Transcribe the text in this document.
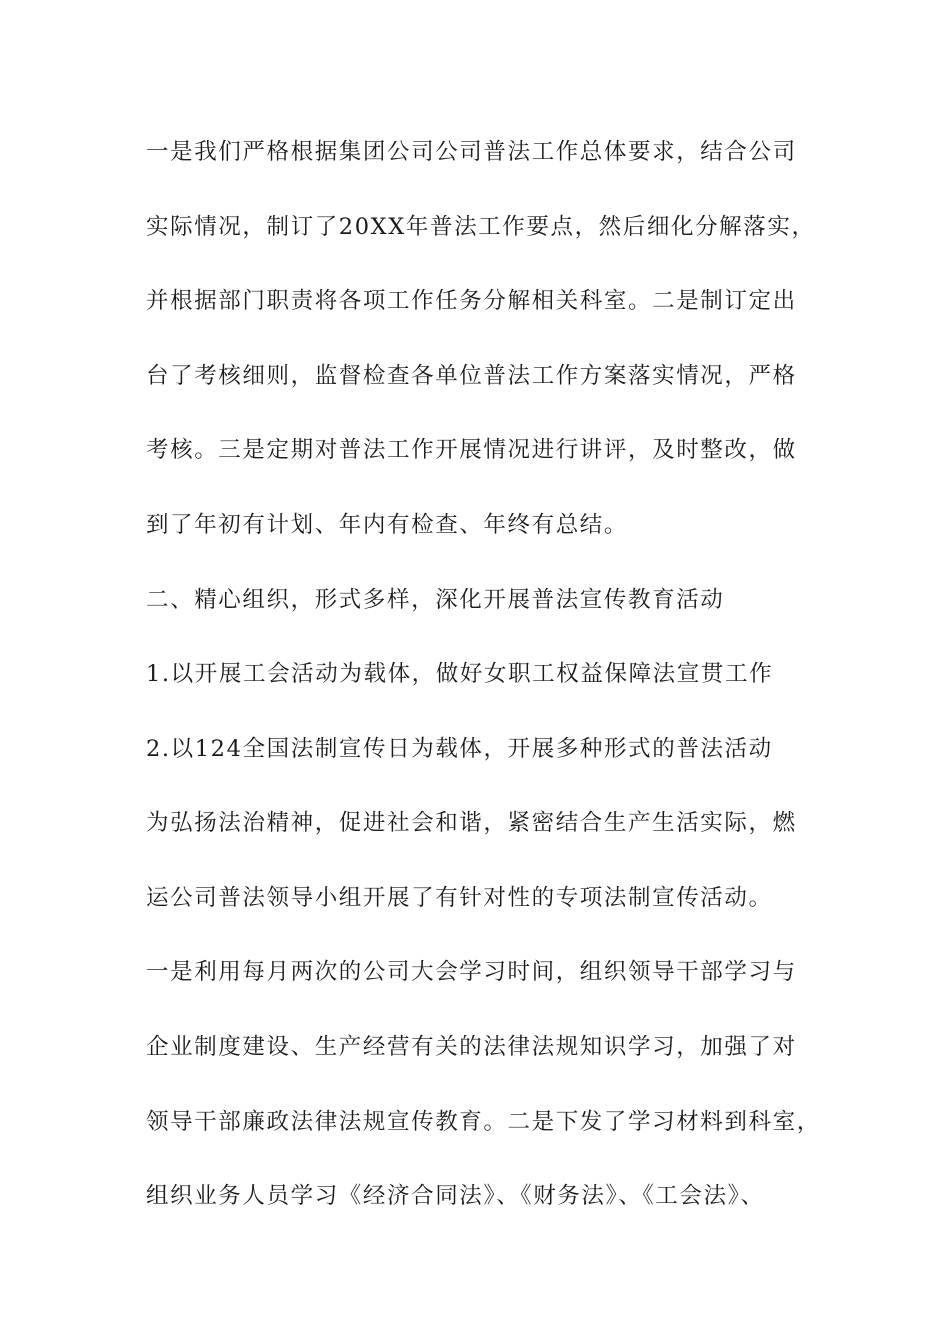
一是我们严格根据集团公司公司普法工作总体要求，结合公司
实际情况，制订了20XX年普法工作要点，然后细化分解落实，
并根据部门职责将各项工作任务分解相关科室。二是制订定出
台了考核细则，监督检查各单位普法工作方案落实情况，严格
考核。三是定期对普法工作开展情况进行讲评，及时整改，做
到了年初有计划、年内有检查、年终有总结。
二、精心组织，形式多样，深化开展普法宣传教育活动
1.以开展工会活动为载体，做好女职工权益保障法宣贯工作
2.以124全国法制宣传日为载体，开展多种形式的普法活动
为弘扬法治精神，促进社会和谐，紧密结合生产生活实际，燃
运公司普法领导小组开展了有针对性的专项法制宣传活动。
一是利用每月两次的公司大会学习时间，组织领导干部学习与
企业制度建设、生产经营有关的法律法规知识学习，加强了对
领导干部廉政法律法规宣传教育。二是下发了学习材料到科室，
组织业务人员学习《经济合同法》、《财务法》、《工会法》、
